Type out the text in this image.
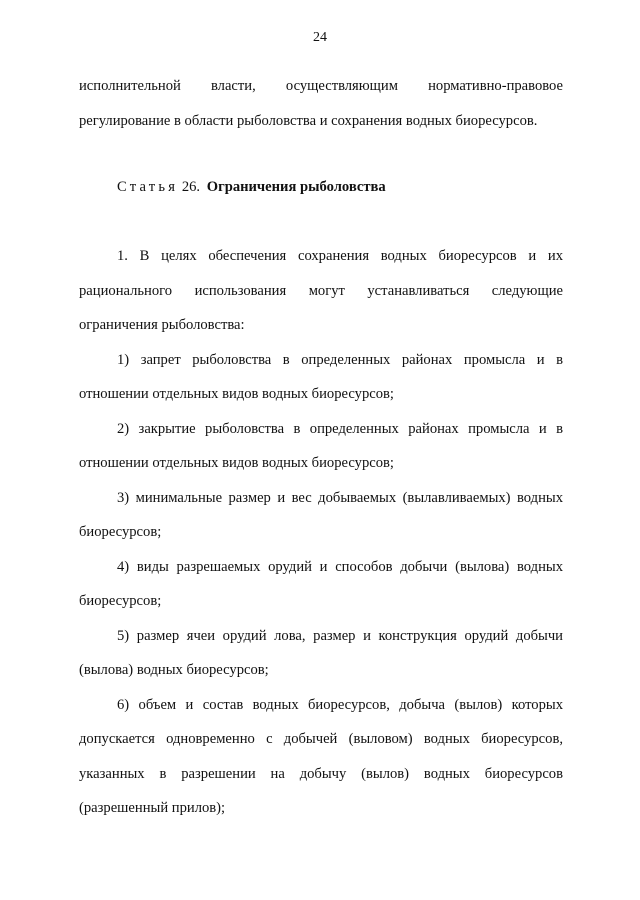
24

исполнительной власти, осуществляющим нормативно-правовое регулирование в области рыболовства и сохранения водных биоресурсов.

Статья 26. Ограничения рыболовства

1. В целях обеспечения сохранения водных биоресурсов и их рационального использования могут устанавливаться следующие ограничения рыболовства:

1) запрет рыболовства в определенных районах промысла и в отношении отдельных видов водных биоресурсов;

2) закрытие рыболовства в определенных районах промысла и в отношении отдельных видов водных биоресурсов;

3) минимальные размер и вес добываемых (вылавливаемых) водных биоресурсов;

4) виды разрешаемых орудий и способов добычи (вылова) водных биоресурсов;

5) размер ячеи орудий лова, размер и конструкция орудий добычи (вылова) водных биоресурсов;

6) объем и состав водных биоресурсов, добыча (вылов) которых допускается одновременно с добычей (выловом) водных биоресурсов, указанных в разрешении на добычу (вылов) водных биоресурсов (разрешенный прилов);
